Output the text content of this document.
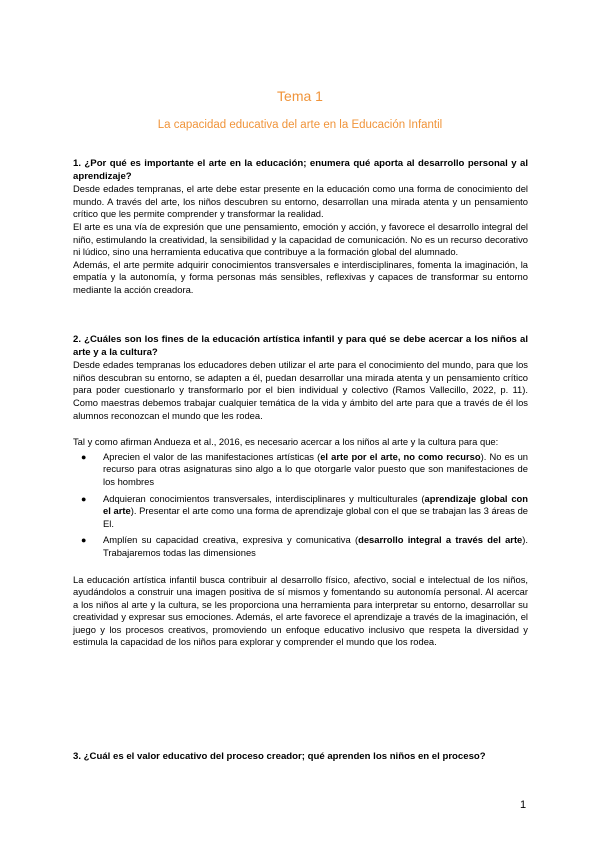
Tema 1
La capacidad educativa del arte en la Educación Infantil

1. ¿Por qué es importante el arte en la educación; enumera qué aporta al desarrollo personal y al aprendizaje?

Desde edades tempranas, el arte debe estar presente en la educación como una forma de conocimiento del mundo. A través del arte, los niños descubren su entorno, desarrollan una mirada atenta y un pensamiento crítico que les permite comprender y transformar la realidad.

El arte es una vía de expresión que une pensamiento, emoción y acción, y favorece el desarrollo integral del niño, estimulando la creatividad, la sensibilidad y la capacidad de comunicación. No es un recurso decorativo ni lúdico, sino una herramienta educativa que contribuye a la formación global del alumnado.

Además, el arte permite adquirir conocimientos transversales e interdisciplinares, fomenta la imaginación, la empatía y la autonomía, y forma personas más sensibles, reflexivas y capaces de transformar su entorno mediante la acción creadora.

2. ¿Cuáles son los fines de la educación artística infantil y para qué se debe acercar a los niños al arte y a la cultura?

Desde edades tempranas los educadores deben utilizar el arte para el conocimiento del mundo, para que los niños descubran su entorno, se adapten a él, puedan desarrollar una mirada atenta y un pensamiento crítico para poder cuestionarlo y transformarlo por el bien individual y colectivo (Ramos Vallecillo, 2022, p. 11). Como maestras debemos trabajar cualquier temática de la vida y ámbito del arte para que a través de él los alumnos reconozcan el mundo que les rodea.

Tal y como afirman Andueza et al., 2016, es necesario acercar a los niños al arte y la cultura para que:

● Aprecien el valor de las manifestaciones artísticas (el arte por el arte, no como recurso). No es un recurso para otras asignaturas sino algo a lo que otorgarle valor puesto que son manifestaciones de los hombres
● Adquieran conocimientos transversales, interdisciplinares y multiculturales (aprendizaje global con el arte). Presentar el arte como una forma de aprendizaje global con el que se trabajan las 3 áreas de El.
● Amplíen su capacidad creativa, expresiva y comunicativa (desarrollo integral a través del arte). Trabajaremos todas las dimensiones

La educación artística infantil busca contribuir al desarrollo físico, afectivo, social e intelectual de los niños, ayudándolos a construir una imagen positiva de sí mismos y fomentando su autonomía personal. Al acercar a los niños al arte y la cultura, se les proporciona una herramienta para interpretar su entorno, desarrollar su creatividad y expresar sus emociones. Además, el arte favorece el aprendizaje a través de la imaginación, el juego y los procesos creativos, promoviendo un enfoque educativo inclusivo que respeta la diversidad y estimula la capacidad de los niños para explorar y comprender el mundo que los rodea.

3. ¿Cuál es el valor educativo del proceso creador; qué aprenden los niños en el proceso?

1
